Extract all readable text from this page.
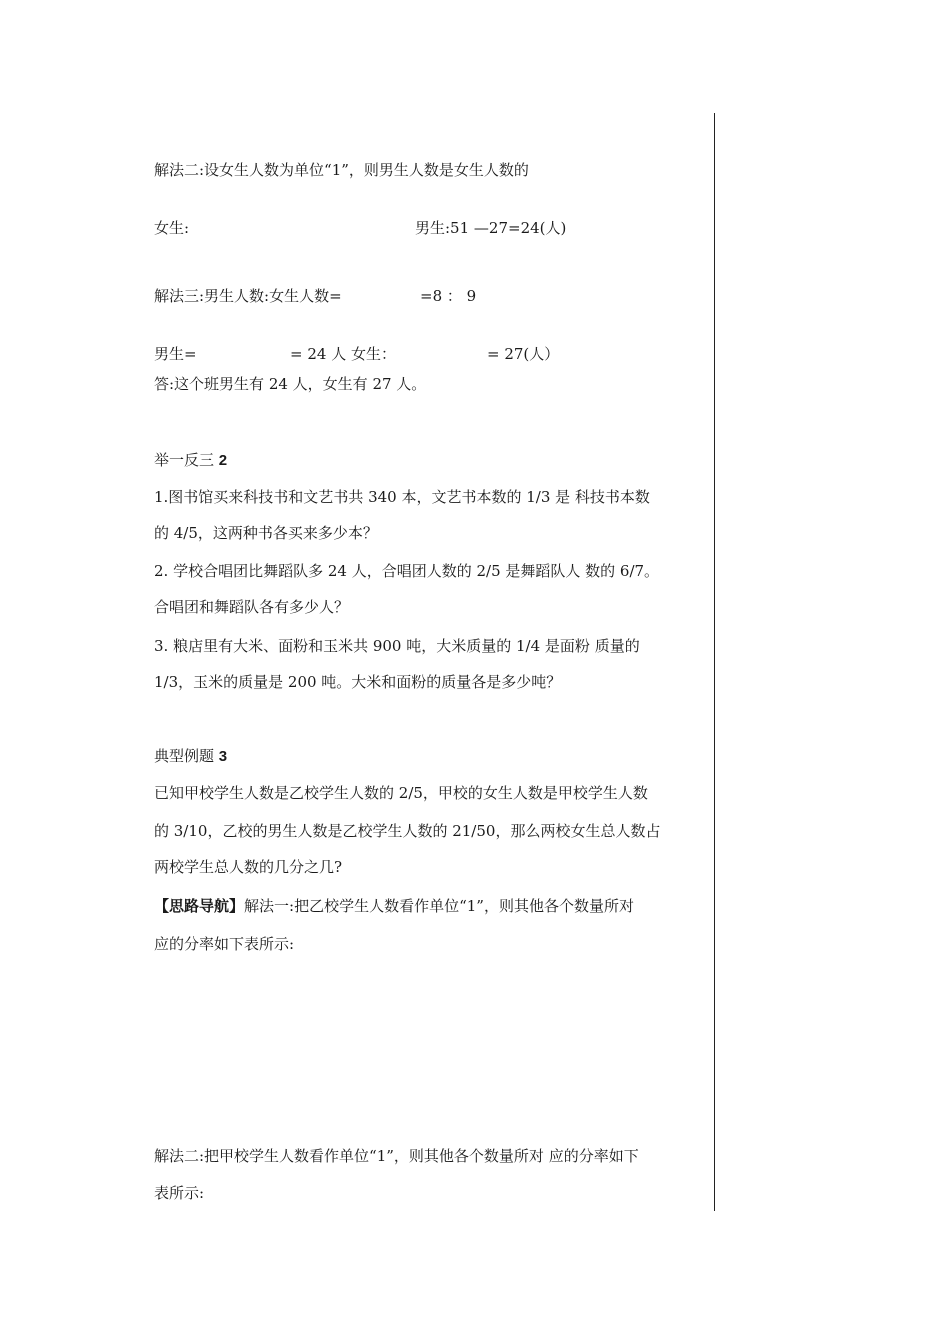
解法二:设女生人数为单位“1”，则男生人数是女生人数的
女生:	男生:51 —27=24(人)
解法三:男生人数:女生人数=	=8 ： 9
男生=	= 24 人 女生：	= 27(人）
答:这个班男生有 24 人，女生有 27 人。
举一反三 2
1.图书馆买来科技书和文艺书共 340 本，文艺书本数的 1/3 是 科技书本数
的 4/5，这两种书各买来多少本？
2. 学校合唱团比舞蹈队多 24 人，合唱团人数的 2/5 是舞蹈队人 数的 6/7。
合唱团和舞蹈队各有多少人？
3. 粮店里有大米、面粉和玉米共 900 吨，大米质量的 1/4 是面粉 质量的
1/3，玉米的质量是 200 吨。大米和面粉的质量各是多少吨？
典型例题 3
已知甲校学生人数是乙校学生人数的 2/5，甲校的女生人数是甲校学生人数
的 3/10，乙校的男生人数是乙校学生人数的 21/50，那么两校女生总人数占
两校学生总人数的几分之几?
【思路导航】解法一:把乙校学生人数看作单位“1”，则其他各个数量所对
应的分率如下表所示:
解法二:把甲校学生人数看作单位“1”，则其他各个数量所对 应的分率如下
表所示:
